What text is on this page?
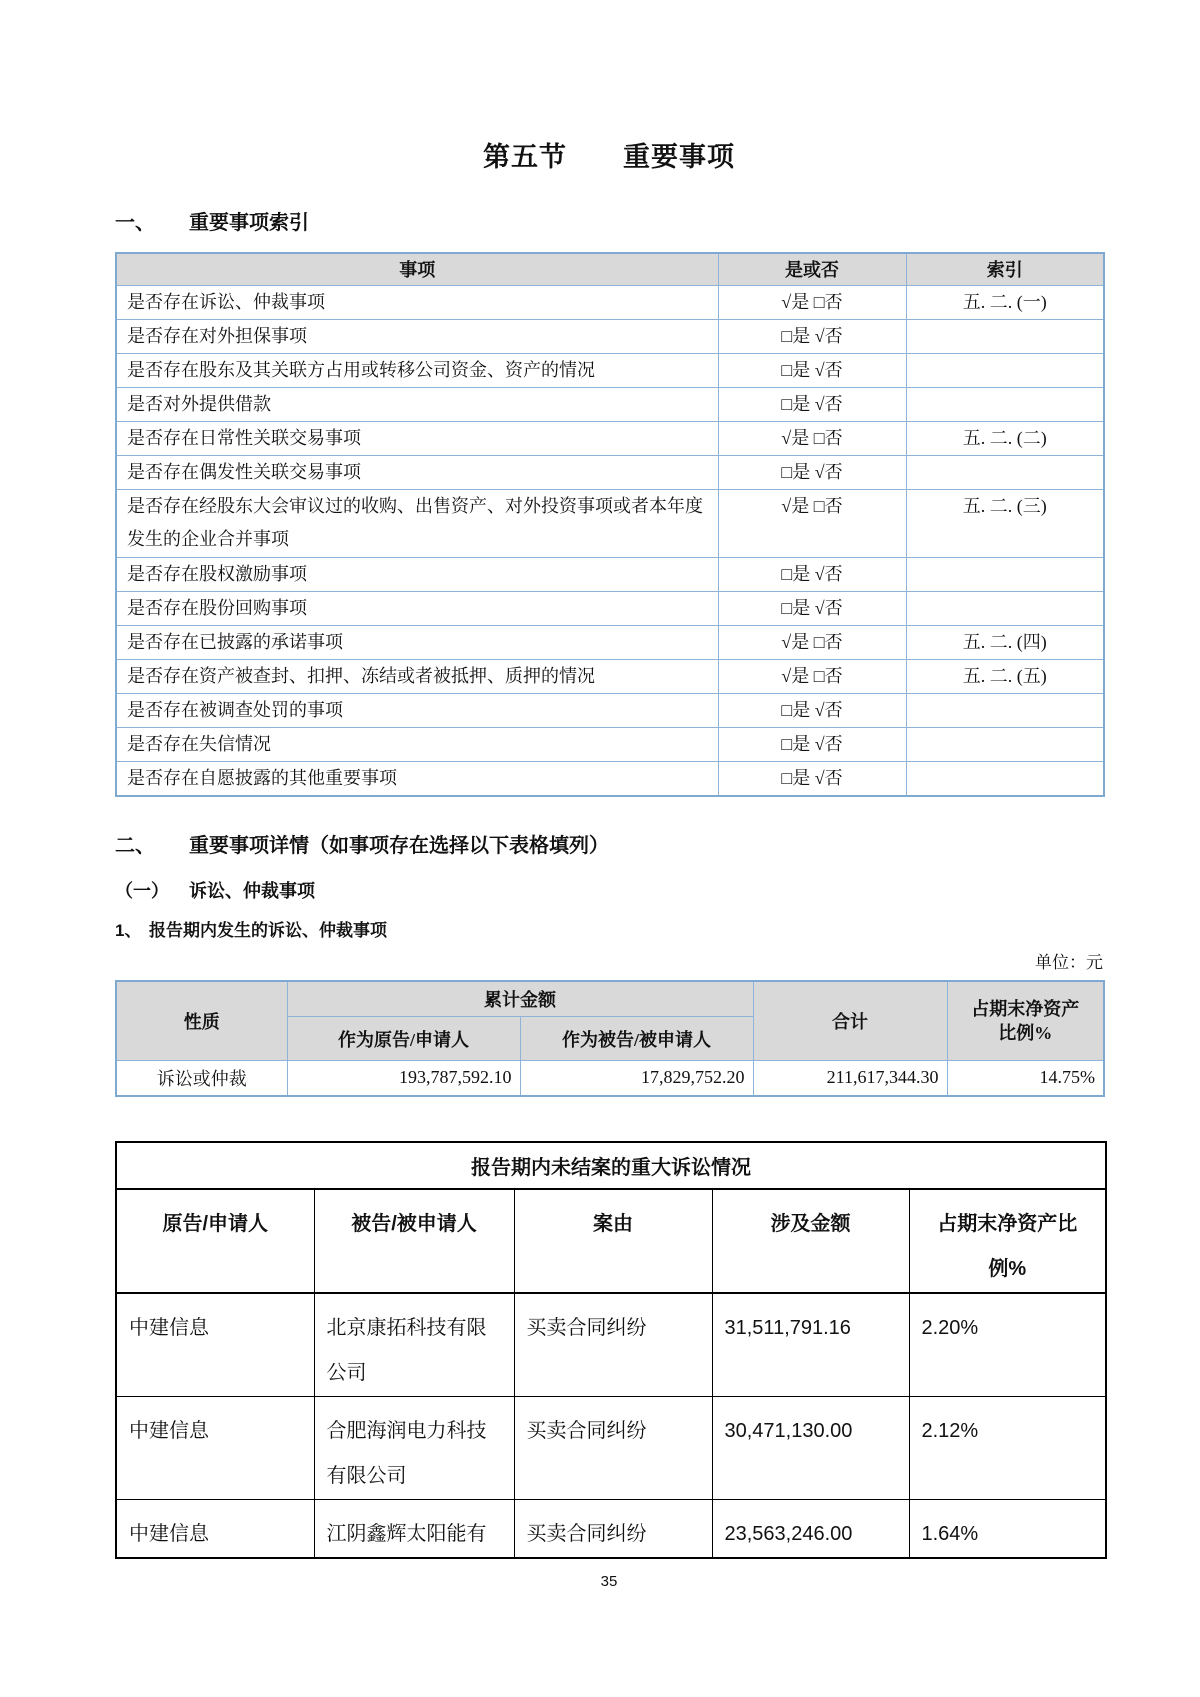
第五节　　重要事项
一、	重要事项索引
事项	是或否	索引
是否存在诉讼、仲裁事项	√是 □否	五. 二. (一)
是否存在对外担保事项	□是 √否	
是否存在股东及其关联方占用或转移公司资金、资产的情况	□是 √否	
是否对外提供借款	□是 √否	
是否存在日常性关联交易事项	√是 □否	五. 二. (二)
是否存在偶发性关联交易事项	□是 √否	
是否存在经股东大会审议过的收购、出售资产、对外投资事项或者本年度发生的企业合并事项	√是 □否	五. 二. (三)
是否存在股权激励事项	□是 √否	
是否存在股份回购事项	□是 √否	
是否存在已披露的承诺事项	√是 □否	五. 二. (四)
是否存在资产被查封、扣押、冻结或者被抵押、质押的情况	√是 □否	五. 二. (五)
是否存在被调查处罚的事项	□是 √否	
是否存在失信情况	□是 √否	
是否存在自愿披露的其他重要事项	□是 √否	
二、	重要事项详情（如事项存在选择以下表格填列）
（一）	诉讼、仲裁事项
1、 报告期内发生的诉讼、仲裁事项
单位：元
性质	累计金额		合计	占期末净资产
比例%

	作为原告/申请人	作为被告/被申请人		
诉讼或仲裁	193,787,592.10	17,829,752.20	211,617,344.30	14.75%
报告期内未结案的重大诉讼情况				
原告/申请人	被告/被申请人	案由	涉及金额	占期末净资产比
例%
中建信息	北京康拓科技有限公司	买卖合同纠纷	31,511,791.16	2.20%
中建信息	合肥海润电力科技有限公司	买卖合同纠纷	30,471,130.00	2.12%
中建信息	江阴鑫辉太阳能有	买卖合同纠纷	23,563,246.00	1.64%
35
